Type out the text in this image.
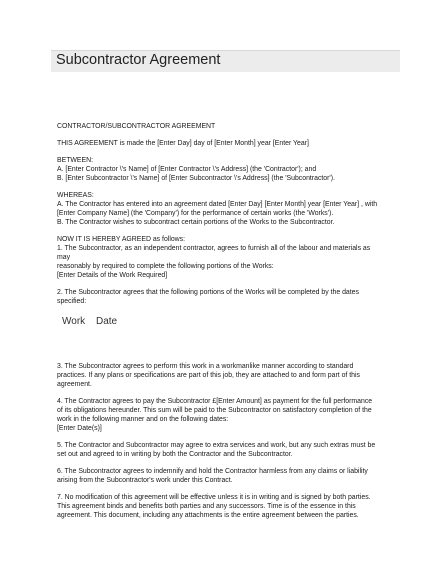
Subcontractor Agreement

CONTRACTOR/SUBCONTRACTOR AGREEMENT

THIS AGREEMENT is made the [Enter Day] day of [Enter Month] year [Enter Year]

BETWEEN:

A. [Enter Contractor \'s Name] of [Enter Contractor \'s Address] (the 'Contractor'); and

B. [Enter Subcontractor \'s Name] of [Enter Subcontractor \'s Address] (the 'Subcontractor').

WHEREAS:

A. The Contractor has entered into an agreement dated [Enter Day] [Enter Month] year [Enter Year] , with

[Enter Company Name] (the 'Company') for the performance of certain works (the 'Works').

B. The Contractor wishes to subcontract certain portions of the Works to the Subcontractor.

NOW IT IS HEREBY AGREED as follows:

1. The Subcontractor, as an independent contractor, agrees to furnish all of the labour and materials as

may

reasonably by required to complete the following portions of the Works:

[Enter Details of the Work Required]

2. The Subcontractor agrees that the following portions of the Works will be completed by the dates

specified:

Work Date

3. The Subcontractor agrees to perform this work in a workmanlike manner according to standard

practices. If any plans or specifications are part of this job, they are attached to and form part of this

agreement.

4. The Contractor agrees to pay the Subcontractor £[Enter Amount] as payment for the full performance

of its obligations hereunder. This sum will be paid to the Subcontractor on satisfactory completion of the

work in the following manner and on the following dates:

[Enter Date(s)]

5. The Contractor and Subcontractor may agree to extra services and work, but any such extras must be

set out and agreed to in writing by both the Contractor and the Subcontractor.

6. The Subcontractor agrees to indemnify and hold the Contractor harmless from any claims or liability

arising from the Subcontractor's work under this Contract.

7. No modification of this agreement will be effective unless it is in writing and is signed by both parties.

This agreement binds and benefits both parties and any successors. Time is of the essence in this

agreement. This document, including any attachments is the entire agreement between the parties.
